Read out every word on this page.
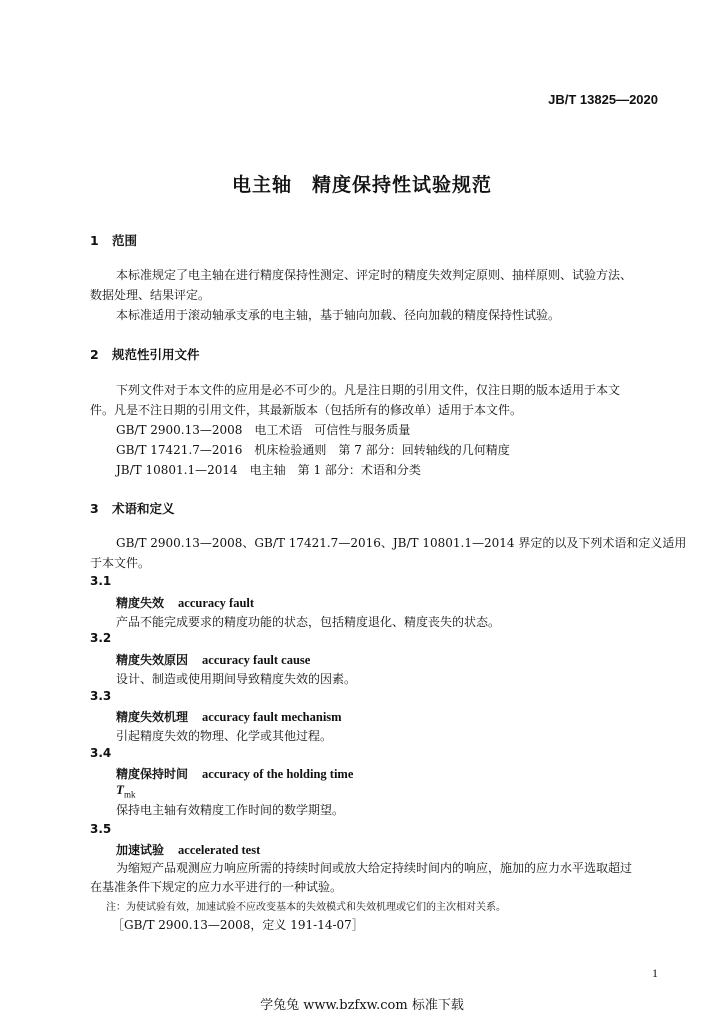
JB/T 13825—2020
电主轴　精度保持性试验规范
1 范围
本标准规定了电主轴在进行精度保持性测定、评定时的精度失效判定原则、抽样原则、试验方法、
数据处理、结果评定。
本标准适用于滚动轴承支承的电主轴，基于轴向加载、径向加载的精度保持性试验。
2 规范性引用文件
下列文件对于本文件的应用是必不可少的。凡是注日期的引用文件，仅注日期的版本适用于本文
件。凡是不注日期的引用文件，其最新版本（包括所有的修改单）适用于本文件。
GB/T 2900.13—2008　电工术语　可信性与服务质量
GB/T 17421.7—2016　机床检验通则　第 7 部分：回转轴线的几何精度
JB/T 10801.1—2014　电主轴　第 1 部分：术语和分类
3 术语和定义
GB/T 2900.13—2008、GB/T 17421.7—2016、JB/T 10801.1—2014 界定的以及下列术语和定义适用
于本文件。
3.1
精度失效 accuracy fault
产品不能完成要求的精度功能的状态，包括精度退化、精度丧失的状态。
3.2
精度失效原因 accuracy fault cause
设计、制造或使用期间导致精度失效的因素。
3.3
精度失效机理 accuracy fault mechanism
引起精度失效的物理、化学或其他过程。
3.4
精度保持时间 accuracy of the holding time
$T_{mk}$
保持电主轴有效精度工作时间的数学期望。
3.5
加速试验 accelerated test
为缩短产品观测应力响应所需的持续时间或放大给定持续时间内的响应，施加的应力水平选取超过
在基准条件下规定的应力水平进行的一种试验。
注：为使试验有效，加速试验不应改变基本的失效模式和失效机理或它们的主次相对关系。
［GB/T 2900.13—2008，定义 191-14-07］
1
学兔兔 www.bzfxw.com 标准下载
